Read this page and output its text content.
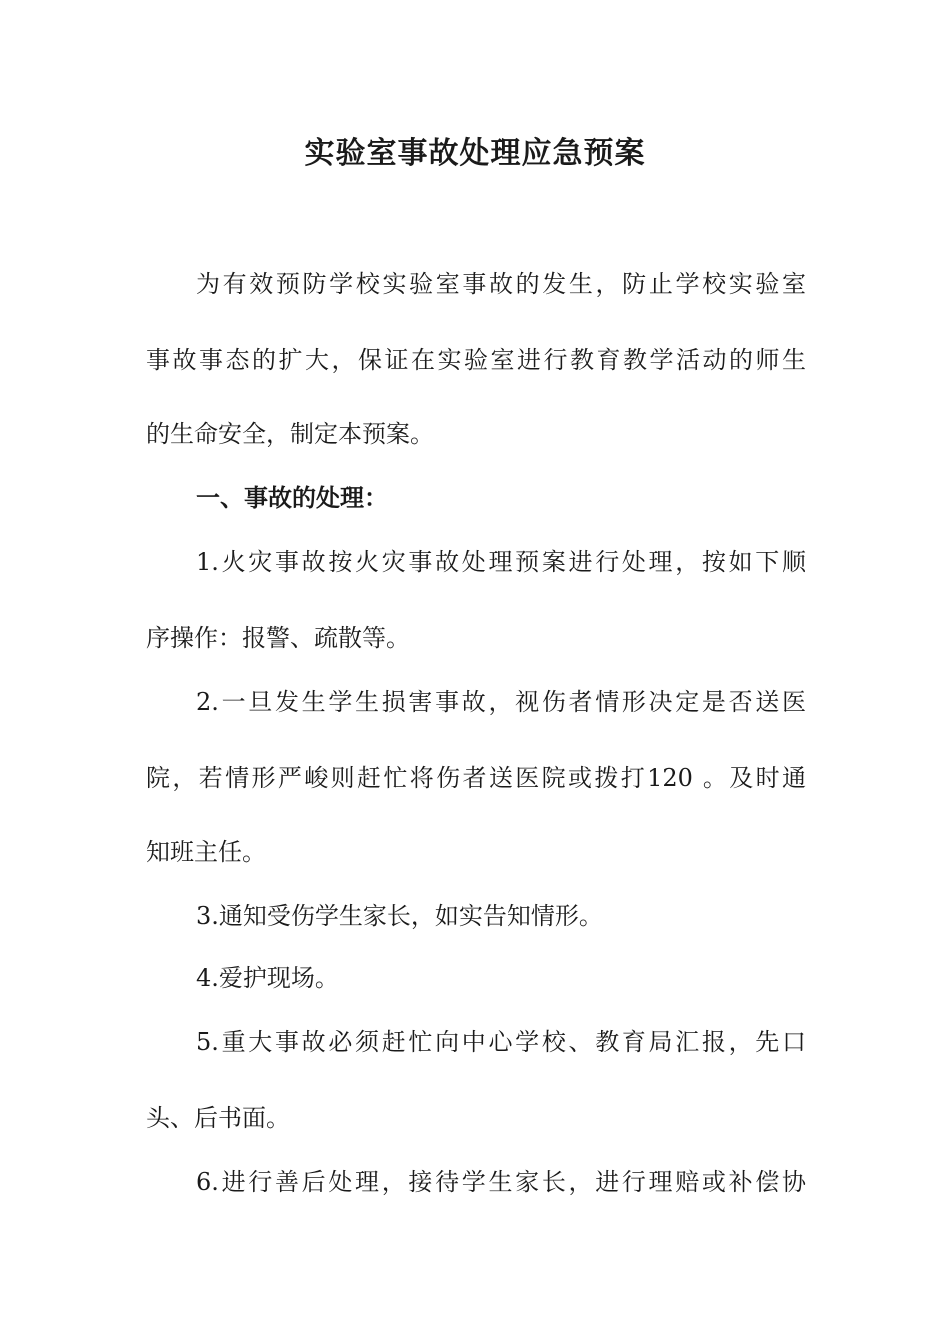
实验室事故处理应急预案
为有效预防学校实验室事故的发生，防止学校实验室
事故事态的扩大，保证在实验室进行教育教学活动的师生
的生命安全，制定本预案。
一、事故的处理：
1.火灾事故按火灾事故处理预案进行处理，按如下顺
序操作：报警、疏散等。
2.一旦发生学生损害事故，视伤者情形决定是否送医
院，若情形严峻则赶忙将伤者送医院或拨打120 。及时通
知班主任。
3.通知受伤学生家长，如实告知情形。
4.爱护现场。
5.重大事故必须赶忙向中心学校、教育局汇报，先口
头、后书面。
6.进行善后处理，接待学生家长，进行理赔或补偿协
